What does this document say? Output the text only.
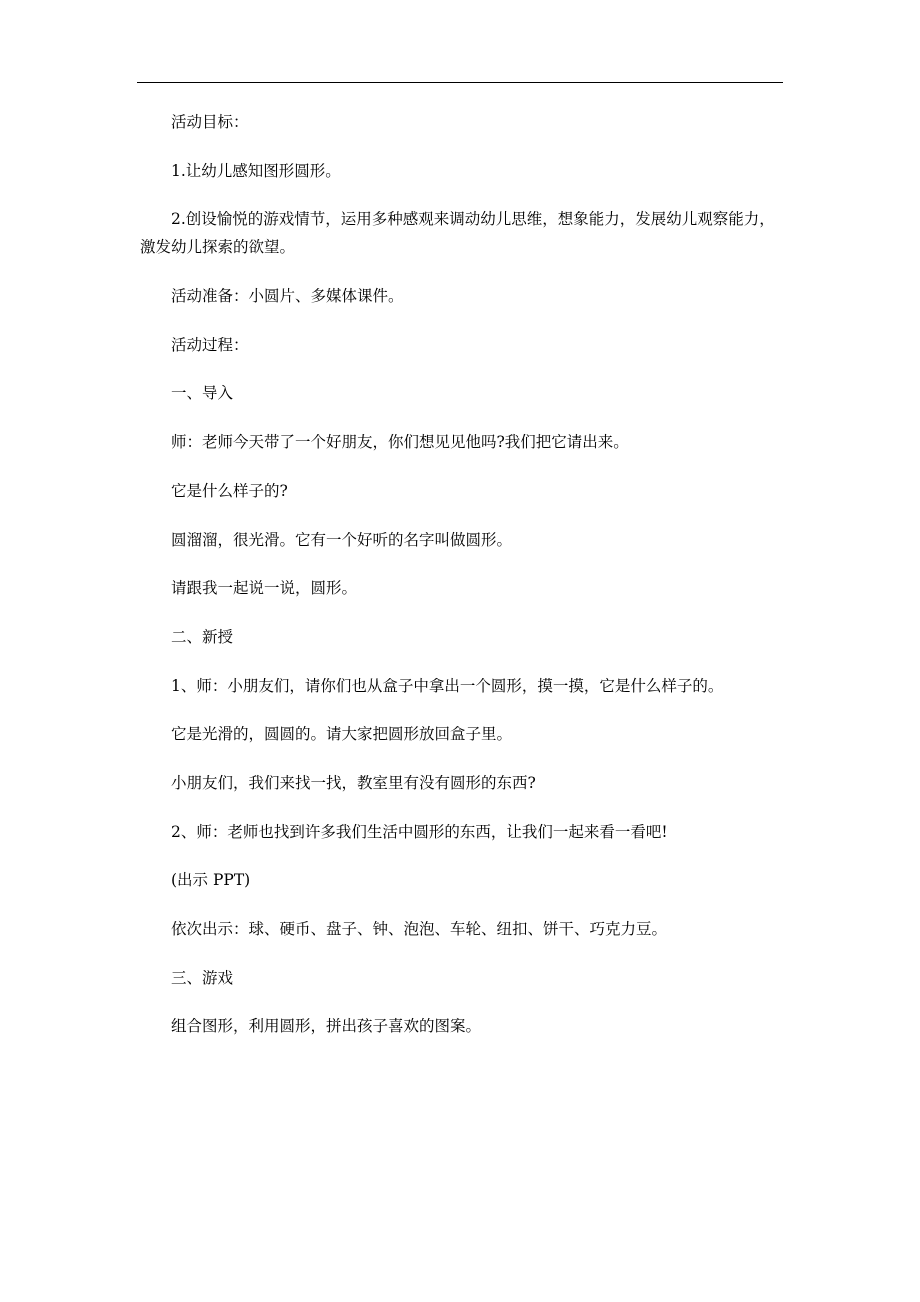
活动目标：

1.让幼儿感知图形圆形。

2.创设愉悦的游戏情节，运用多种感观来调动幼儿思维，想象能力，发展幼儿观察能力，激发幼儿探索的欲望。

活动准备：小圆片、多媒体课件。

活动过程：

一、导入

师：老师今天带了一个好朋友，你们想见见他吗?我们把它请出来。

它是什么样子的?

圆溜溜，很光滑。它有一个好听的名字叫做圆形。

请跟我一起说一说，圆形。

二、新授

1、师：小朋友们，请你们也从盒子中拿出一个圆形，摸一摸，它是什么样子的。

它是光滑的，圆圆的。请大家把圆形放回盒子里。

小朋友们，我们来找一找，教室里有没有圆形的东西?

2、师：老师也找到许多我们生活中圆形的东西，让我们一起来看一看吧!

(出示 PPT)

依次出示：球、硬币、盘子、钟、泡泡、车轮、纽扣、饼干、巧克力豆。

三、游戏

组合图形，利用圆形，拼出孩子喜欢的图案。
